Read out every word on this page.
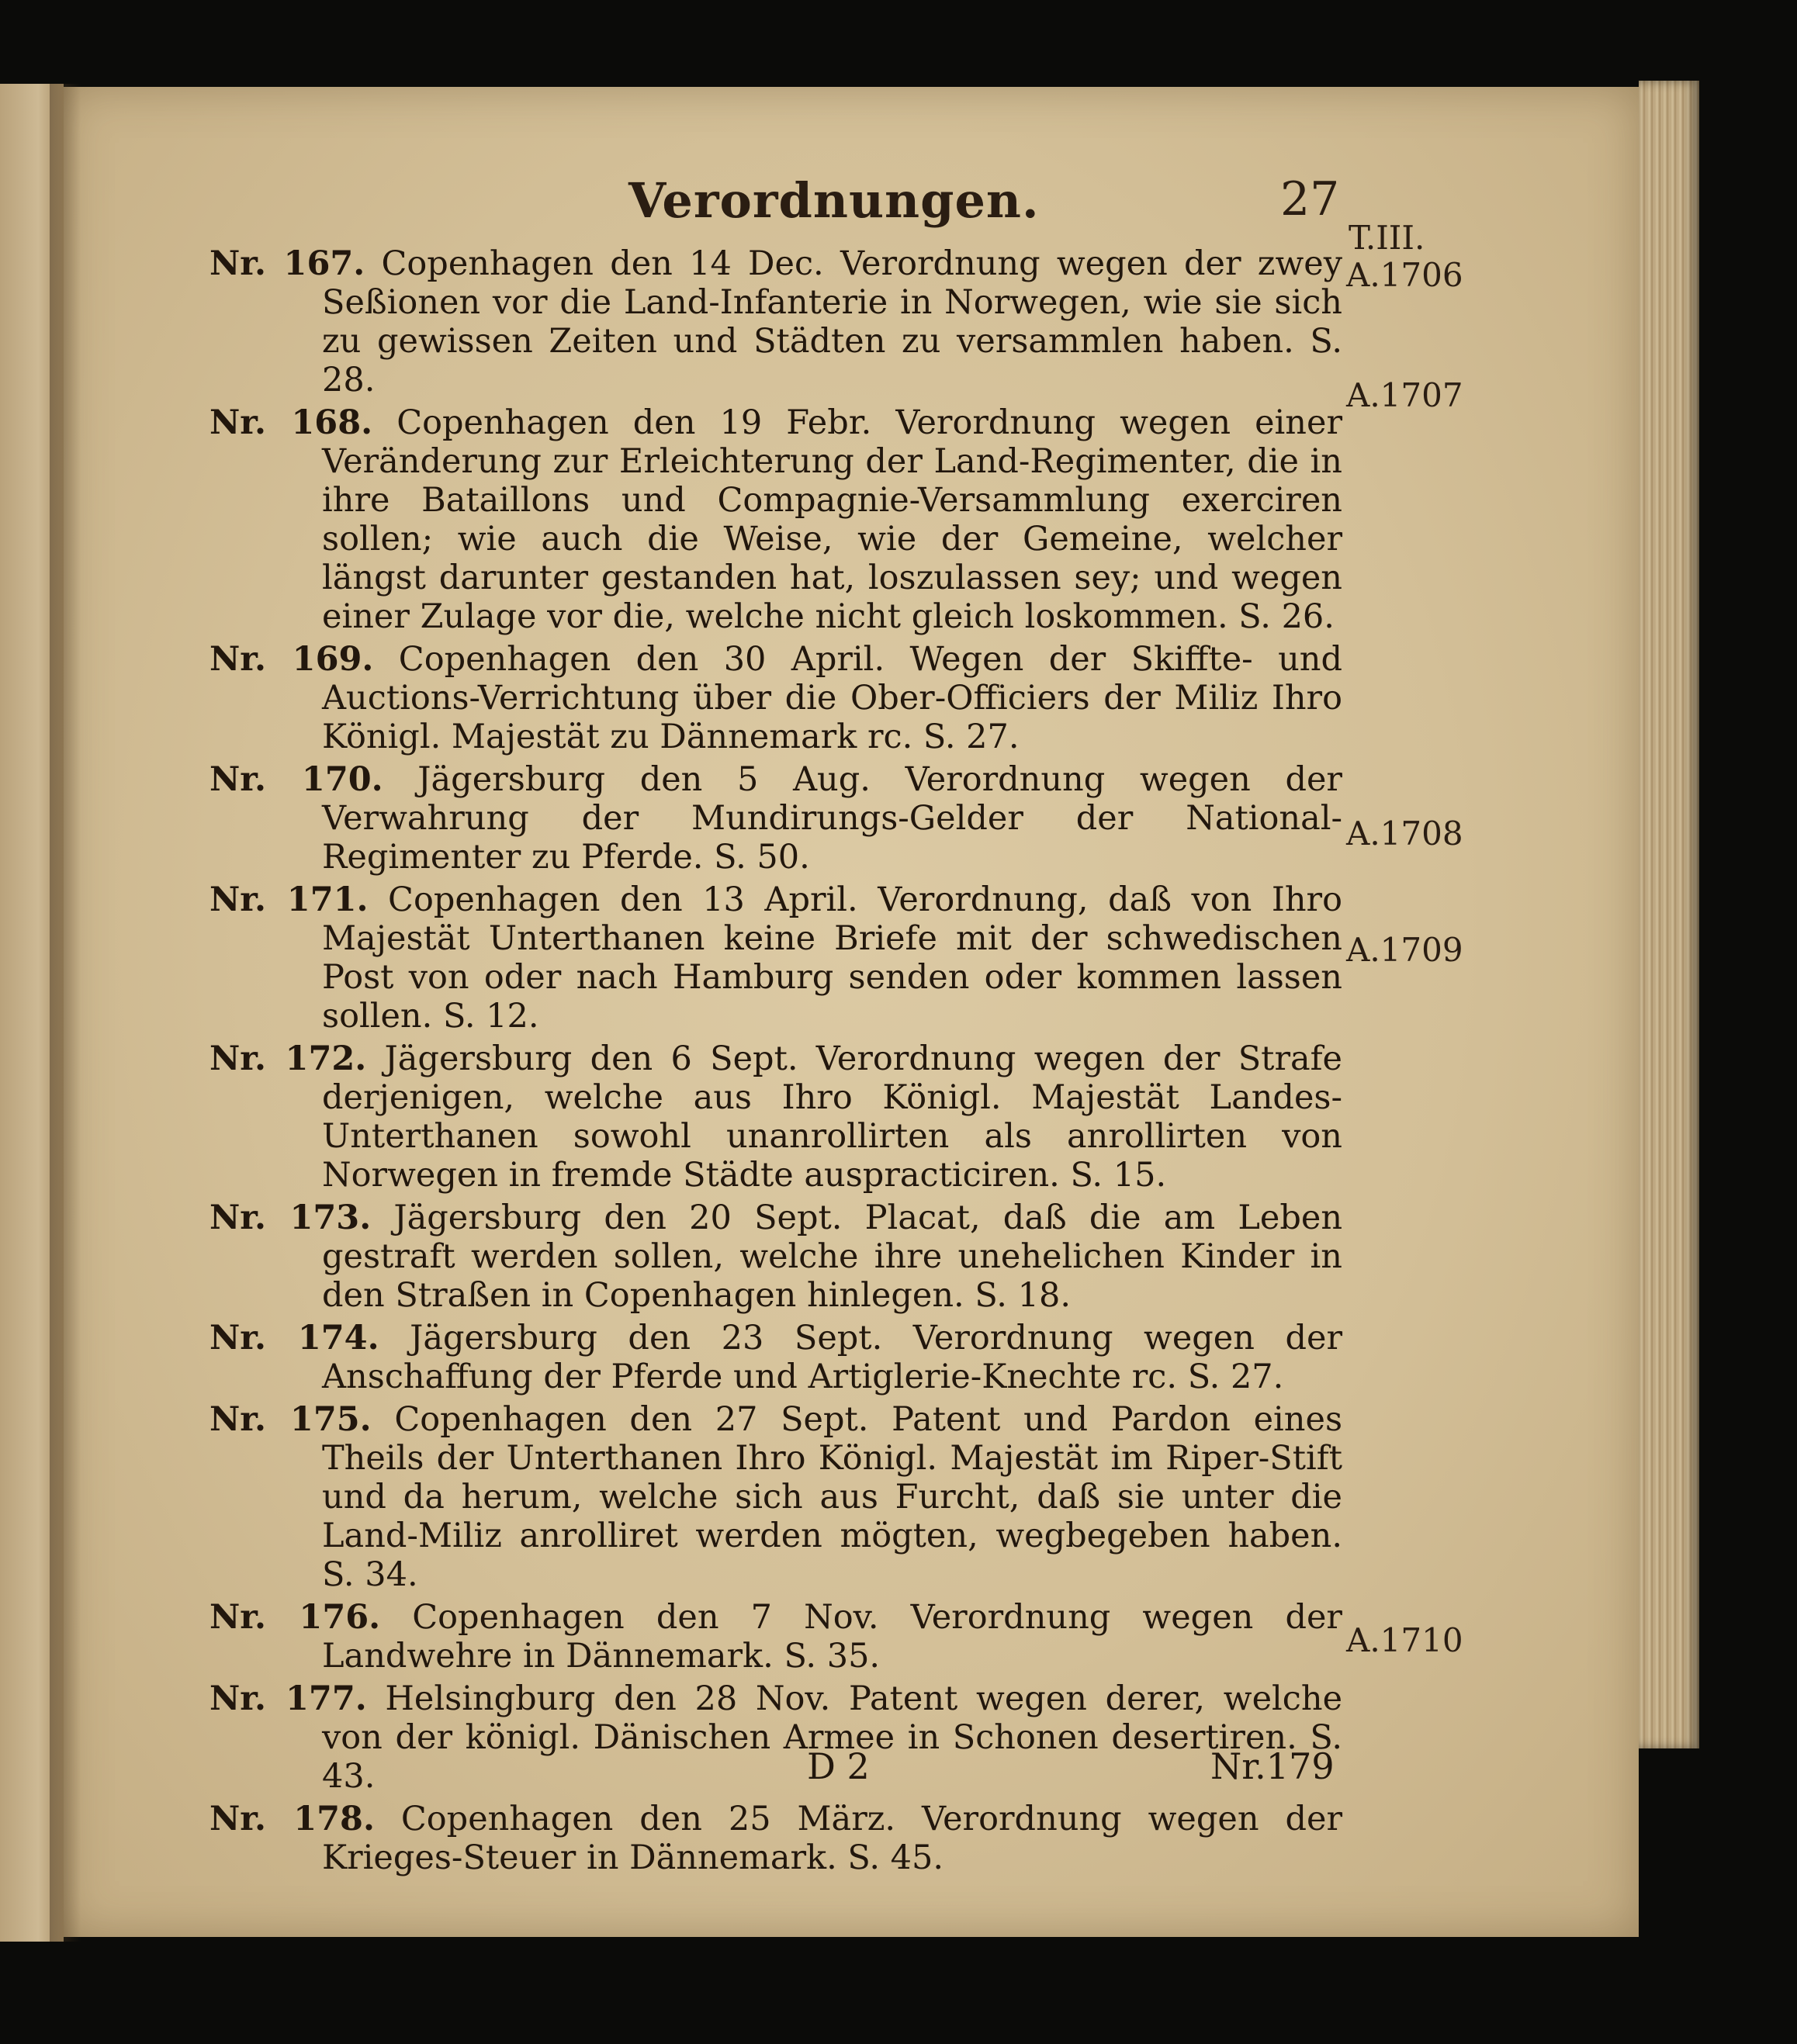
Verordnungen.	27
T.III.
A.1706
A.1707
A.1708
A.1709
A.1710
Nr. 167. Copenhagen den 14 Dec. Verordnung wegen der zwey Seßionen vor die Land-Infanterie in Norwegen, wie sie sich zu gewissen Zeiten und Städten zu versammlen haben. S. 28.
Nr. 168. Copenhagen den 19 Febr. Verordnung wegen einer Veränderung zur Erleichterung der Land-Regimenter, die in ihre Bataillons und Compagnie-Versammlung exerciren sollen; wie auch die Weise, wie der Gemeine, welcher längst darunter gestanden hat, loszulassen sey; und wegen einer Zulage vor die, welche nicht gleich loskommen. S. 26.
Nr. 169. Copenhagen den 30 April. Wegen der Skiffte- und Auctions-Verrichtung über die Ober-Officiers der Miliz Ihro Königl. Majestät zu Dännemark rc. S. 27.
Nr. 170. Jägersburg den 5 Aug. Verordnung wegen der Verwahrung der Mundirungs-Gelder der National-Regimenter zu Pferde. S. 50.
Nr. 171. Copenhagen den 13 April. Verordnung, daß von Ihro Majestät Unterthanen keine Briefe mit der schwedischen Post von oder nach Hamburg senden oder kommen lassen sollen. S. 12.
Nr. 172. Jägersburg den 6 Sept. Verordnung wegen der Strafe derjenigen, welche aus Ihro Königl. Majestät Landes-Unterthanen sowohl unanrollirten als anrollirten von Norwegen in fremde Städte auspracticiren. S. 15.
Nr. 173. Jägersburg den 20 Sept. Placat, daß die am Leben gestraft werden sollen, welche ihre unehelichen Kinder in den Straßen in Copenhagen hinlegen. S. 18.
Nr. 174. Jägersburg den 23 Sept. Verordnung wegen der Anschaffung der Pferde und Artiglerie-Knechte rc. S. 27.
Nr. 175. Copenhagen den 27 Sept. Patent und Pardon eines Theils der Unterthanen Ihro Königl. Majestät im Riper-Stift und da herum, welche sich aus Furcht, daß sie unter die Land-Miliz anrolliret werden mögten, wegbegeben haben. S. 34.
Nr. 176. Copenhagen den 7 Nov. Verordnung wegen der Landwehre in Dännemark. S. 35.
Nr. 177. Helsingburg den 28 Nov. Patent wegen derer, welche von der königl. Dänischen Armee in Schonen desertiren. S. 43.
Nr. 178. Copenhagen den 25 März. Verordnung wegen der Krieges-Steuer in Dännemark. S. 45.
D 2	Nr.179
